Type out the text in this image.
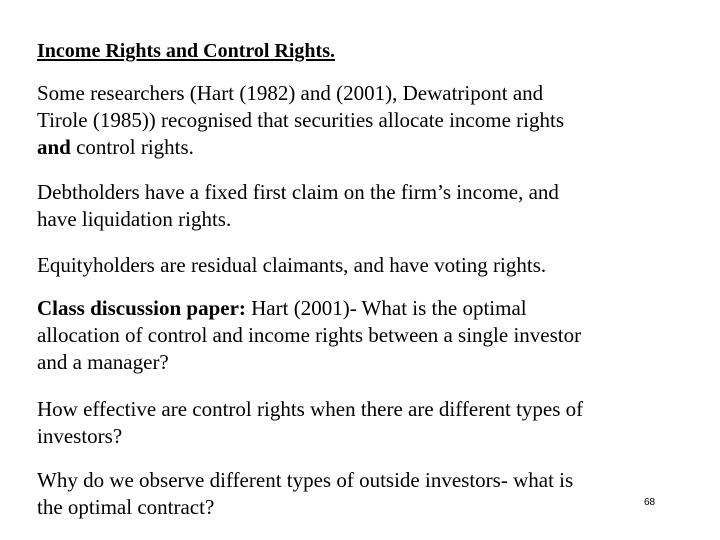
Income Rights and Control Rights.
Some researchers (Hart (1982) and (2001), Dewatripont and
Tirole (1985)) recognised that securities allocate income rights
and control rights.
Debtholders have a fixed first claim on the firm’s income, and
have liquidation rights.
Equityholders are residual claimants, and have voting rights.
Class discussion paper: Hart (2001)- What is the optimal
allocation of control and income rights between a single investor
and a manager?
How effective are control rights when there are different types of
investors?
Why do we observe different types of outside investors- what is
the optimal contract?	68
